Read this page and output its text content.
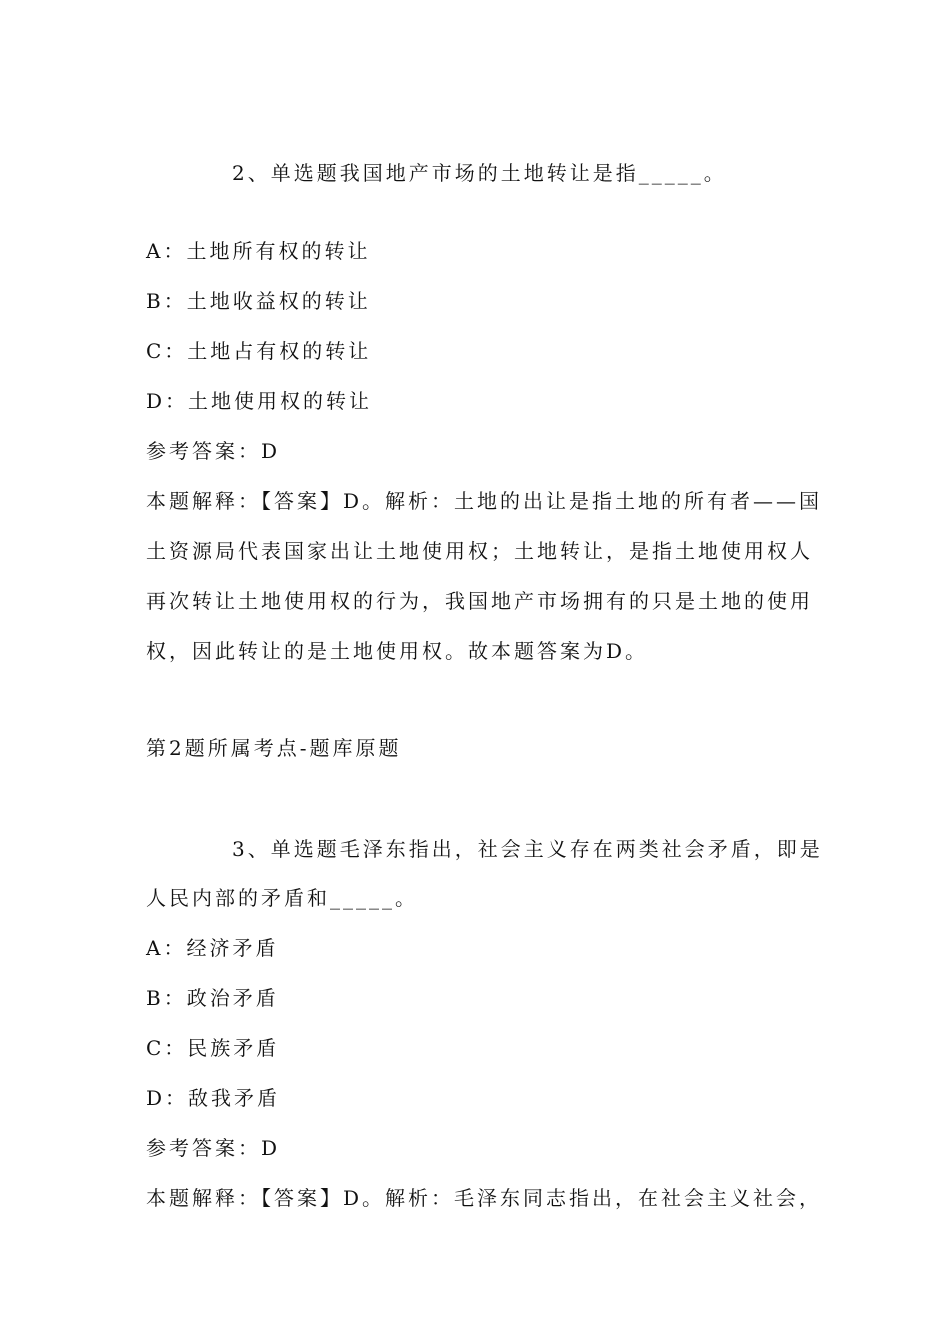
2、单选题我国地产市场的土地转让是指_____。
A：土地所有权的转让
B：土地收益权的转让
C：土地占有权的转让
D：土地使用权的转让
参考答案：D
本题解释：【答案】D。解析：土地的出让是指土地的所有者——国
土资源局代表国家出让土地使用权；土地转让，是指土地使用权人
再次转让土地使用权的行为，我国地产市场拥有的只是土地的使用
权，因此转让的是土地使用权。故本题答案为D。
第2题所属考点-题库原题
3、单选题毛泽东指出，社会主义存在两类社会矛盾，即是
人民内部的矛盾和_____。
A：经济矛盾
B：政治矛盾
C：民族矛盾
D：敌我矛盾
参考答案：D
本题解释：【答案】D。解析：毛泽东同志指出，在社会主义社会，
